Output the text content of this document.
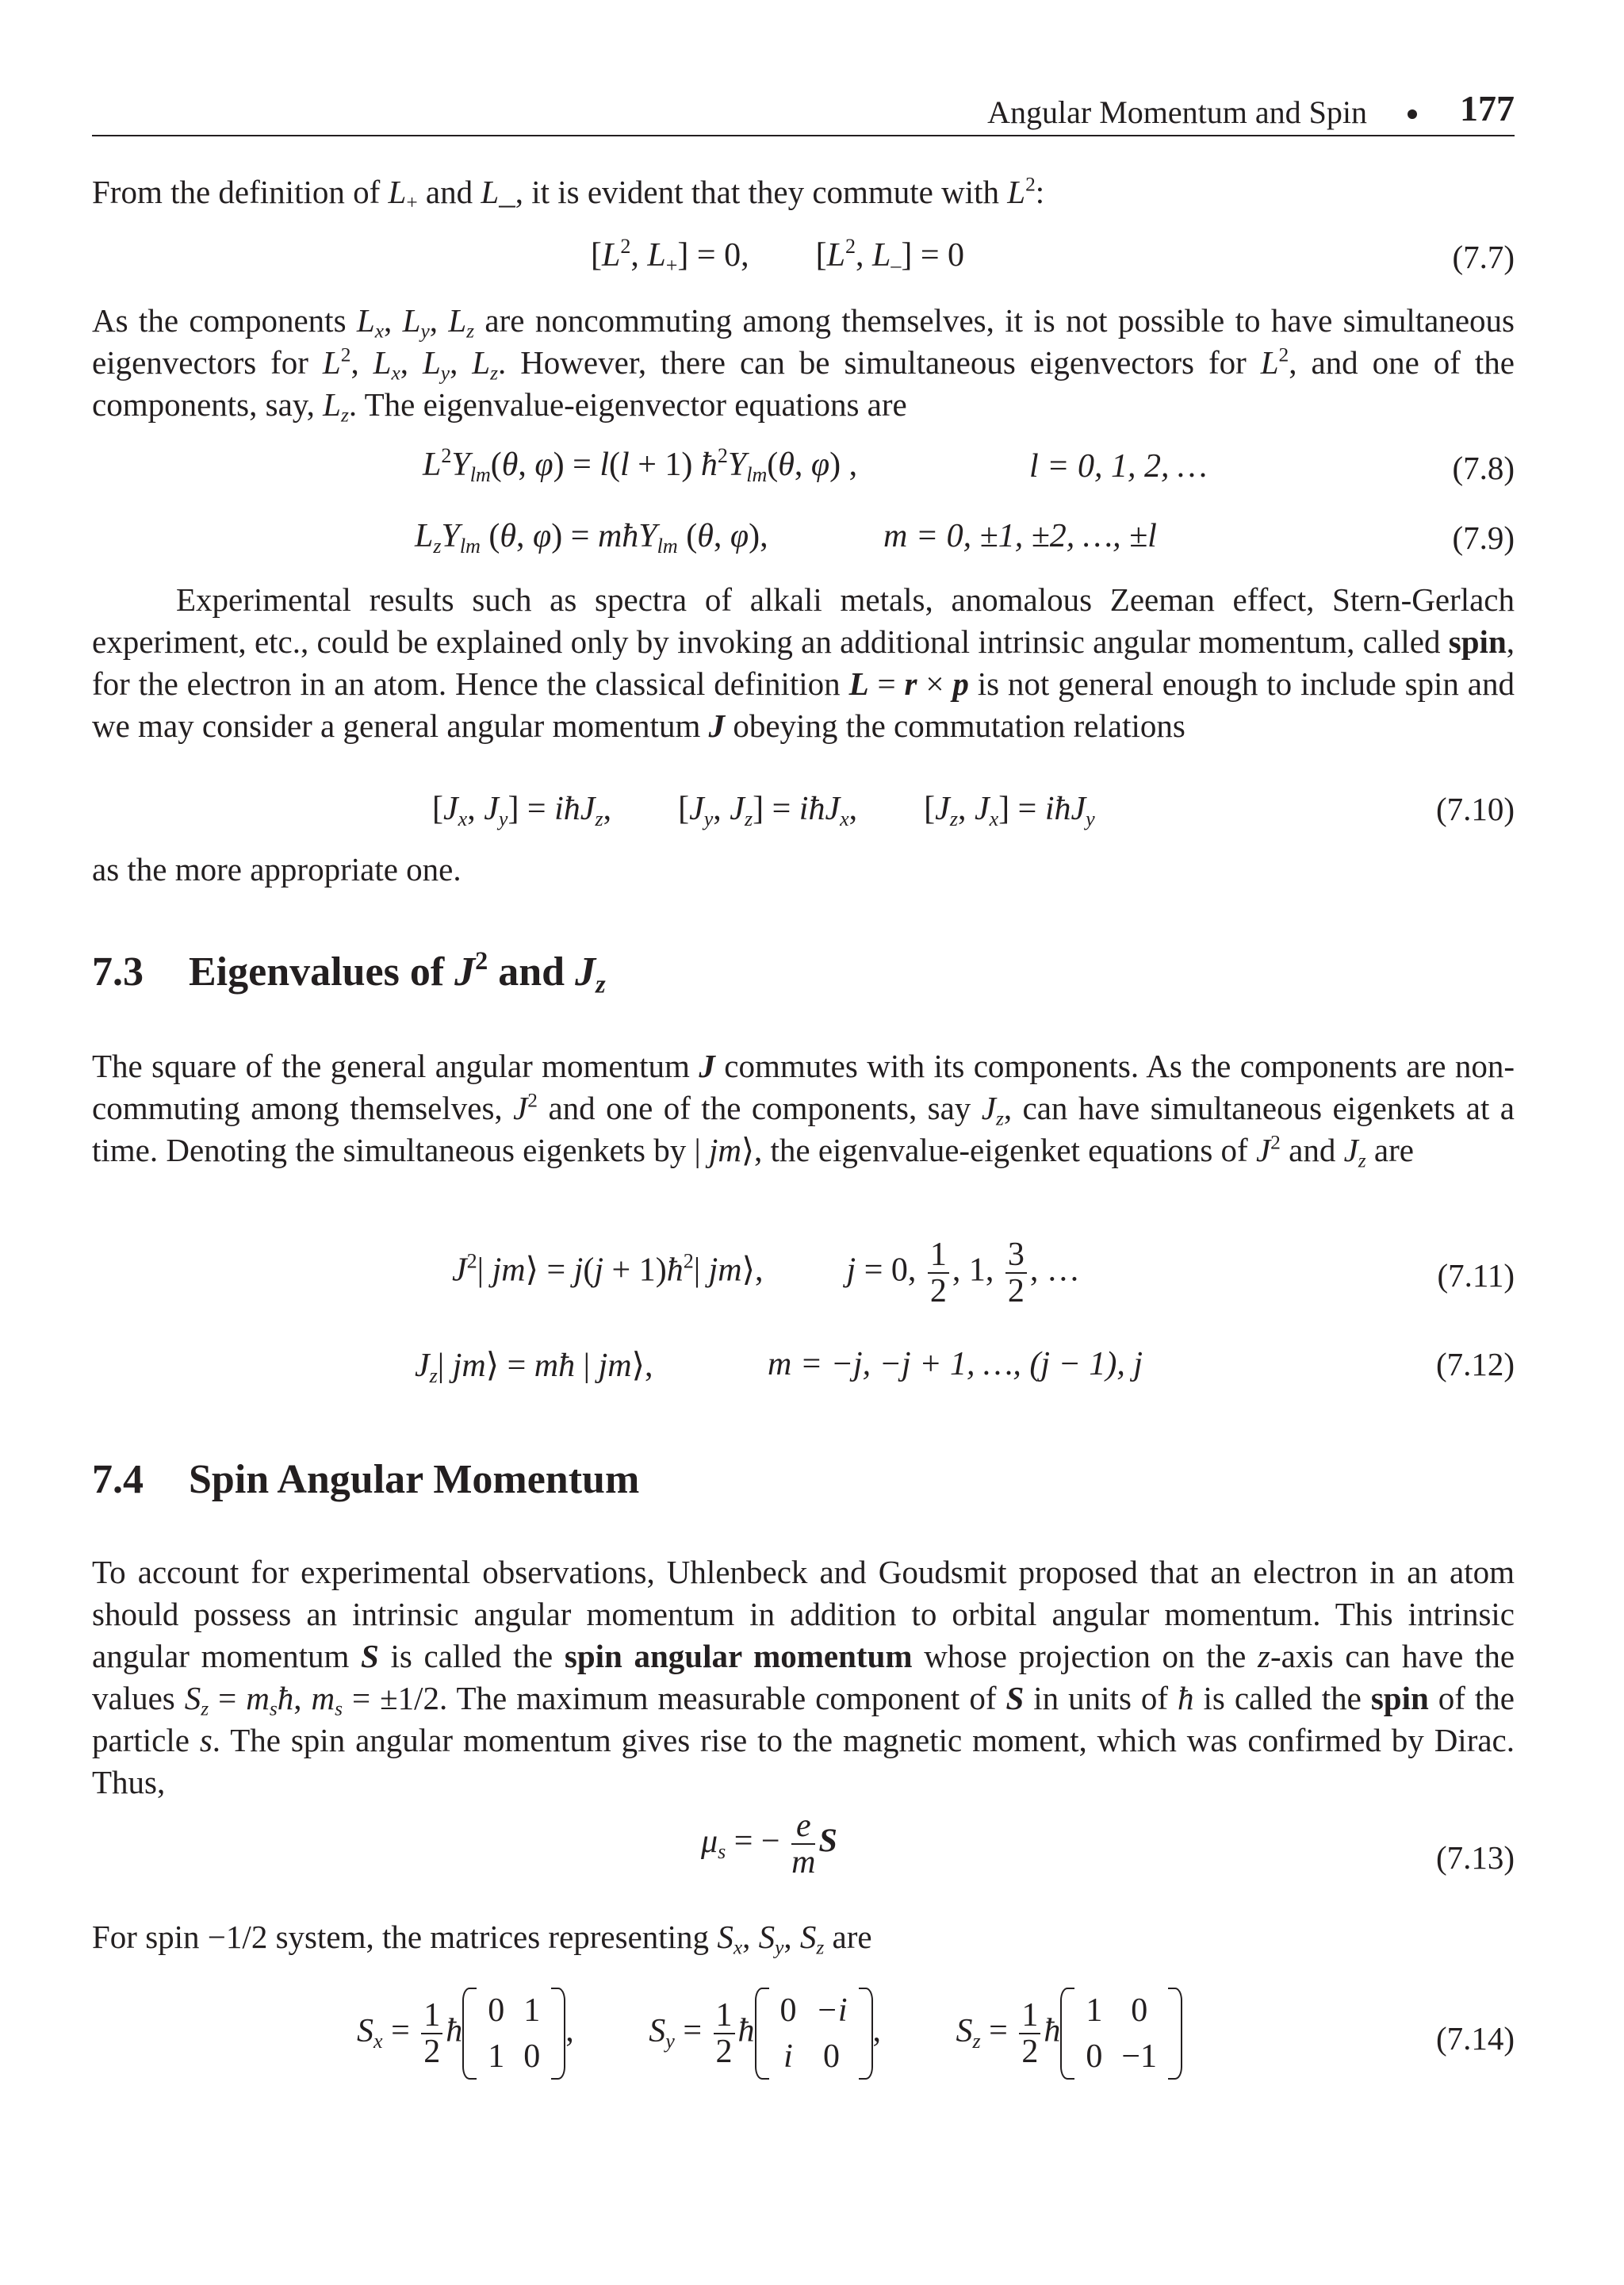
Angular Momentum and Spin	177
From the definition of $L_+$ and L_, it is evident that they commute with $L^2$:
[$L^2$, $L_+] = 0$,        [$L^2$, $L_-] = 0$	(7.7)
As the components $L_x$, $L_y$, $L_z$ are noncommuting among themselves, it is not possible to have simultaneous eigenvectors for $L^2$, $L_x$, $L_y$, $L_z$. However, there can be simultaneous eigenvectors for $L^2$, and one of the components, say, $L_z$. The eigenvalue-eigenvector equations are
$L^2Y_{lm}(\theta$, φ) = l(l + 1) $ħ^2Y_{lm}(\theta$, φ) ,	l = 0, 1, 2, …	(7.8)
$L_zY_{lm}$ (θ, φ) = mħY$_{lm}$ (θ, φ),	m = 0, ±1, ±2, …, ±l	(7.9)
Experimental results such as spectra of alkali metals, anomalous Zeeman effect, Stern-Gerlach experiment, etc., could be explained only by invoking an additional intrinsic angular momentum, called spin, for the electron in an atom. Hence the classical definition L = r × p is not general enough to include spin and we may consider a general angular momentum J obeying the commutation relations
[$J_x$, $J_y$] = iħJ$_z$,        [$J_y$, $J_z$] = iħJ$_x$,        [$J_z$, $J_x$] = iħJ$_y$	(7.10)
as the more appropriate one.
7.3 Eigenvalues of $J^2$ and $J_z$
The square of the general angular momentum J commutes with its components. As the components are non-commuting among themselves, $J^2$ and one of the components, say $J_z$, can have simultaneous eigenkets at a time. Denoting the simultaneous eigenkets by | jm⟩, the eigenvalue-eigenket equations of $J^2$ and $J_z$ are
$J^2|$ jm⟩ = $j(j + 1)ħ^2|$ jm⟩,          j = 0, $\frac{1}{2}$ , 1, $\frac{3}{2}$ , …	(7.11)
$J_z|$ jm⟩ = mħ | jm⟩,	m = −j, −j + 1, …, (j − 1), j	(7.12)
7.4 Spin Angular Momentum
To account for experimental observations, Uhlenbeck and Goudsmit proposed that an electron in an atom should possess an intrinsic angular momentum in addition to orbital angular momentum. This intrinsic angular momentum S is called the spin angular momentum whose projection on the z-axis can have the values $S_z$ = $m_sħ$, $m_s = \pm 1/2$. The maximum measurable component of S in units of ħ is called the spin of the particle s. The spin angular momentum gives rise to the magnetic moment, which was confirmed by Dirac. Thus,
$\mu_s$ = − $\frac{e}{m}$ S	(7.13)
For spin −1/2 system, the matrices representing $S_x$, $S_y$, $S_z$ are
$S_x = \frac{1}{2}$ ħ
0	1
1	0
,         $S_y = \frac{1}{2}$ ħ
0	−i
i	0
,         $S_z = \frac{1}{2}$ ħ
1	0
0	−1	(7.14)
